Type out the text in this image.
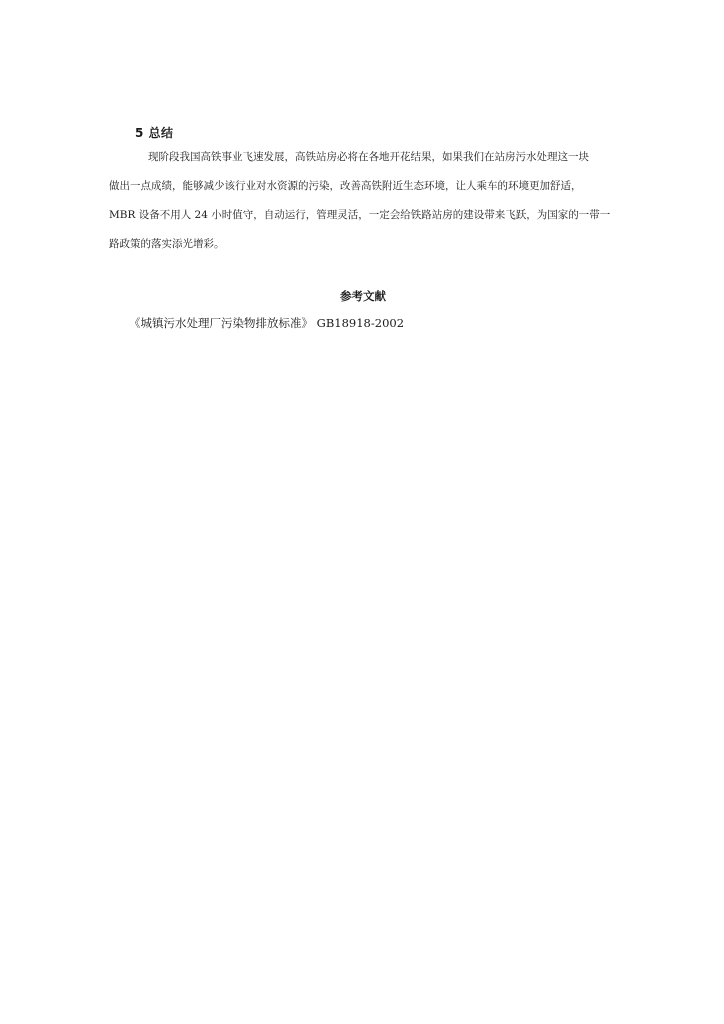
5 总结
现阶段我国高铁事业飞速发展，高铁站房必将在各地开花结果，如果我们在站房污水处理这一块
做出一点成绩，能够减少该行业对水资源的污染，改善高铁附近生态环境，让人乘车的环境更加舒适，
MBR 设备不用人 24 小时值守，自动运行，管理灵活，一定会给铁路站房的建设带来飞跃，为国家的一带一
路政策的落实添光增彩。
参考文献
《城镇污水处理厂污染物排放标准》 GB18918-2002
